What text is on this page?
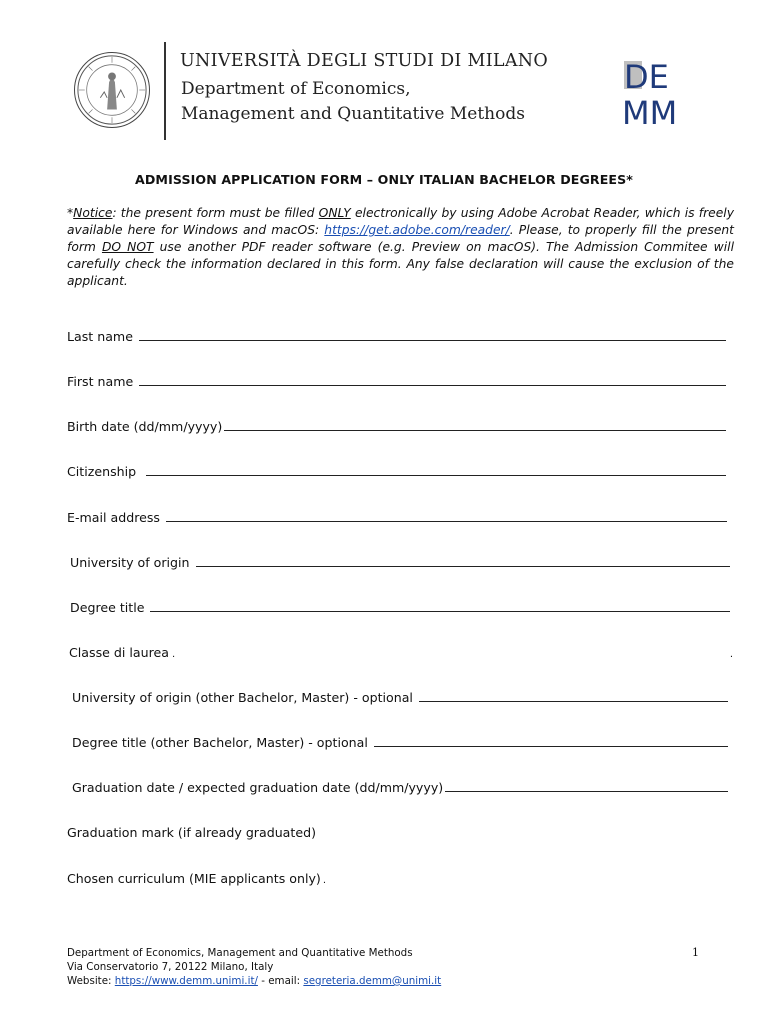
UNIVERSITÀ DEGLI STUDI DI MILANO
Department of Economics,
Management and Quantitative Methods
DE
MM
ADMISSION APPLICATION FORM – ONLY ITALIAN BACHELOR DEGREES*
*Notice: the present form must be filled ONLY electronically by using Adobe Acrobat Reader, which is freely available here for Windows and macOS: https://get.adobe.com/reader/. Please, to properly fill the present form DO NOT use another PDF reader software (e.g. Preview on macOS). The Admission Commitee will carefully check the information declared in this form. Any false declaration will cause the exclusion of the applicant.
Last name
First name
Birth date (dd/mm/yyyy)
Citizenship
E-mail address
University of origin
Degree title
Classe di laurea .	.
University of origin (other Bachelor, Master) - optional
Degree title (other Bachelor, Master) - optional
Graduation date / expected graduation date (dd/mm/yyyy)
Graduation mark (if already graduated)
Chosen curriculum (MIE applicants only) .
Department of Economics, Management and Quantitative Methods
Via Conservatorio 7, 20122 Milano, Italy
Website: https://www.demm.unimi.it/ - email: segreteria.demm@unimi.it
1
